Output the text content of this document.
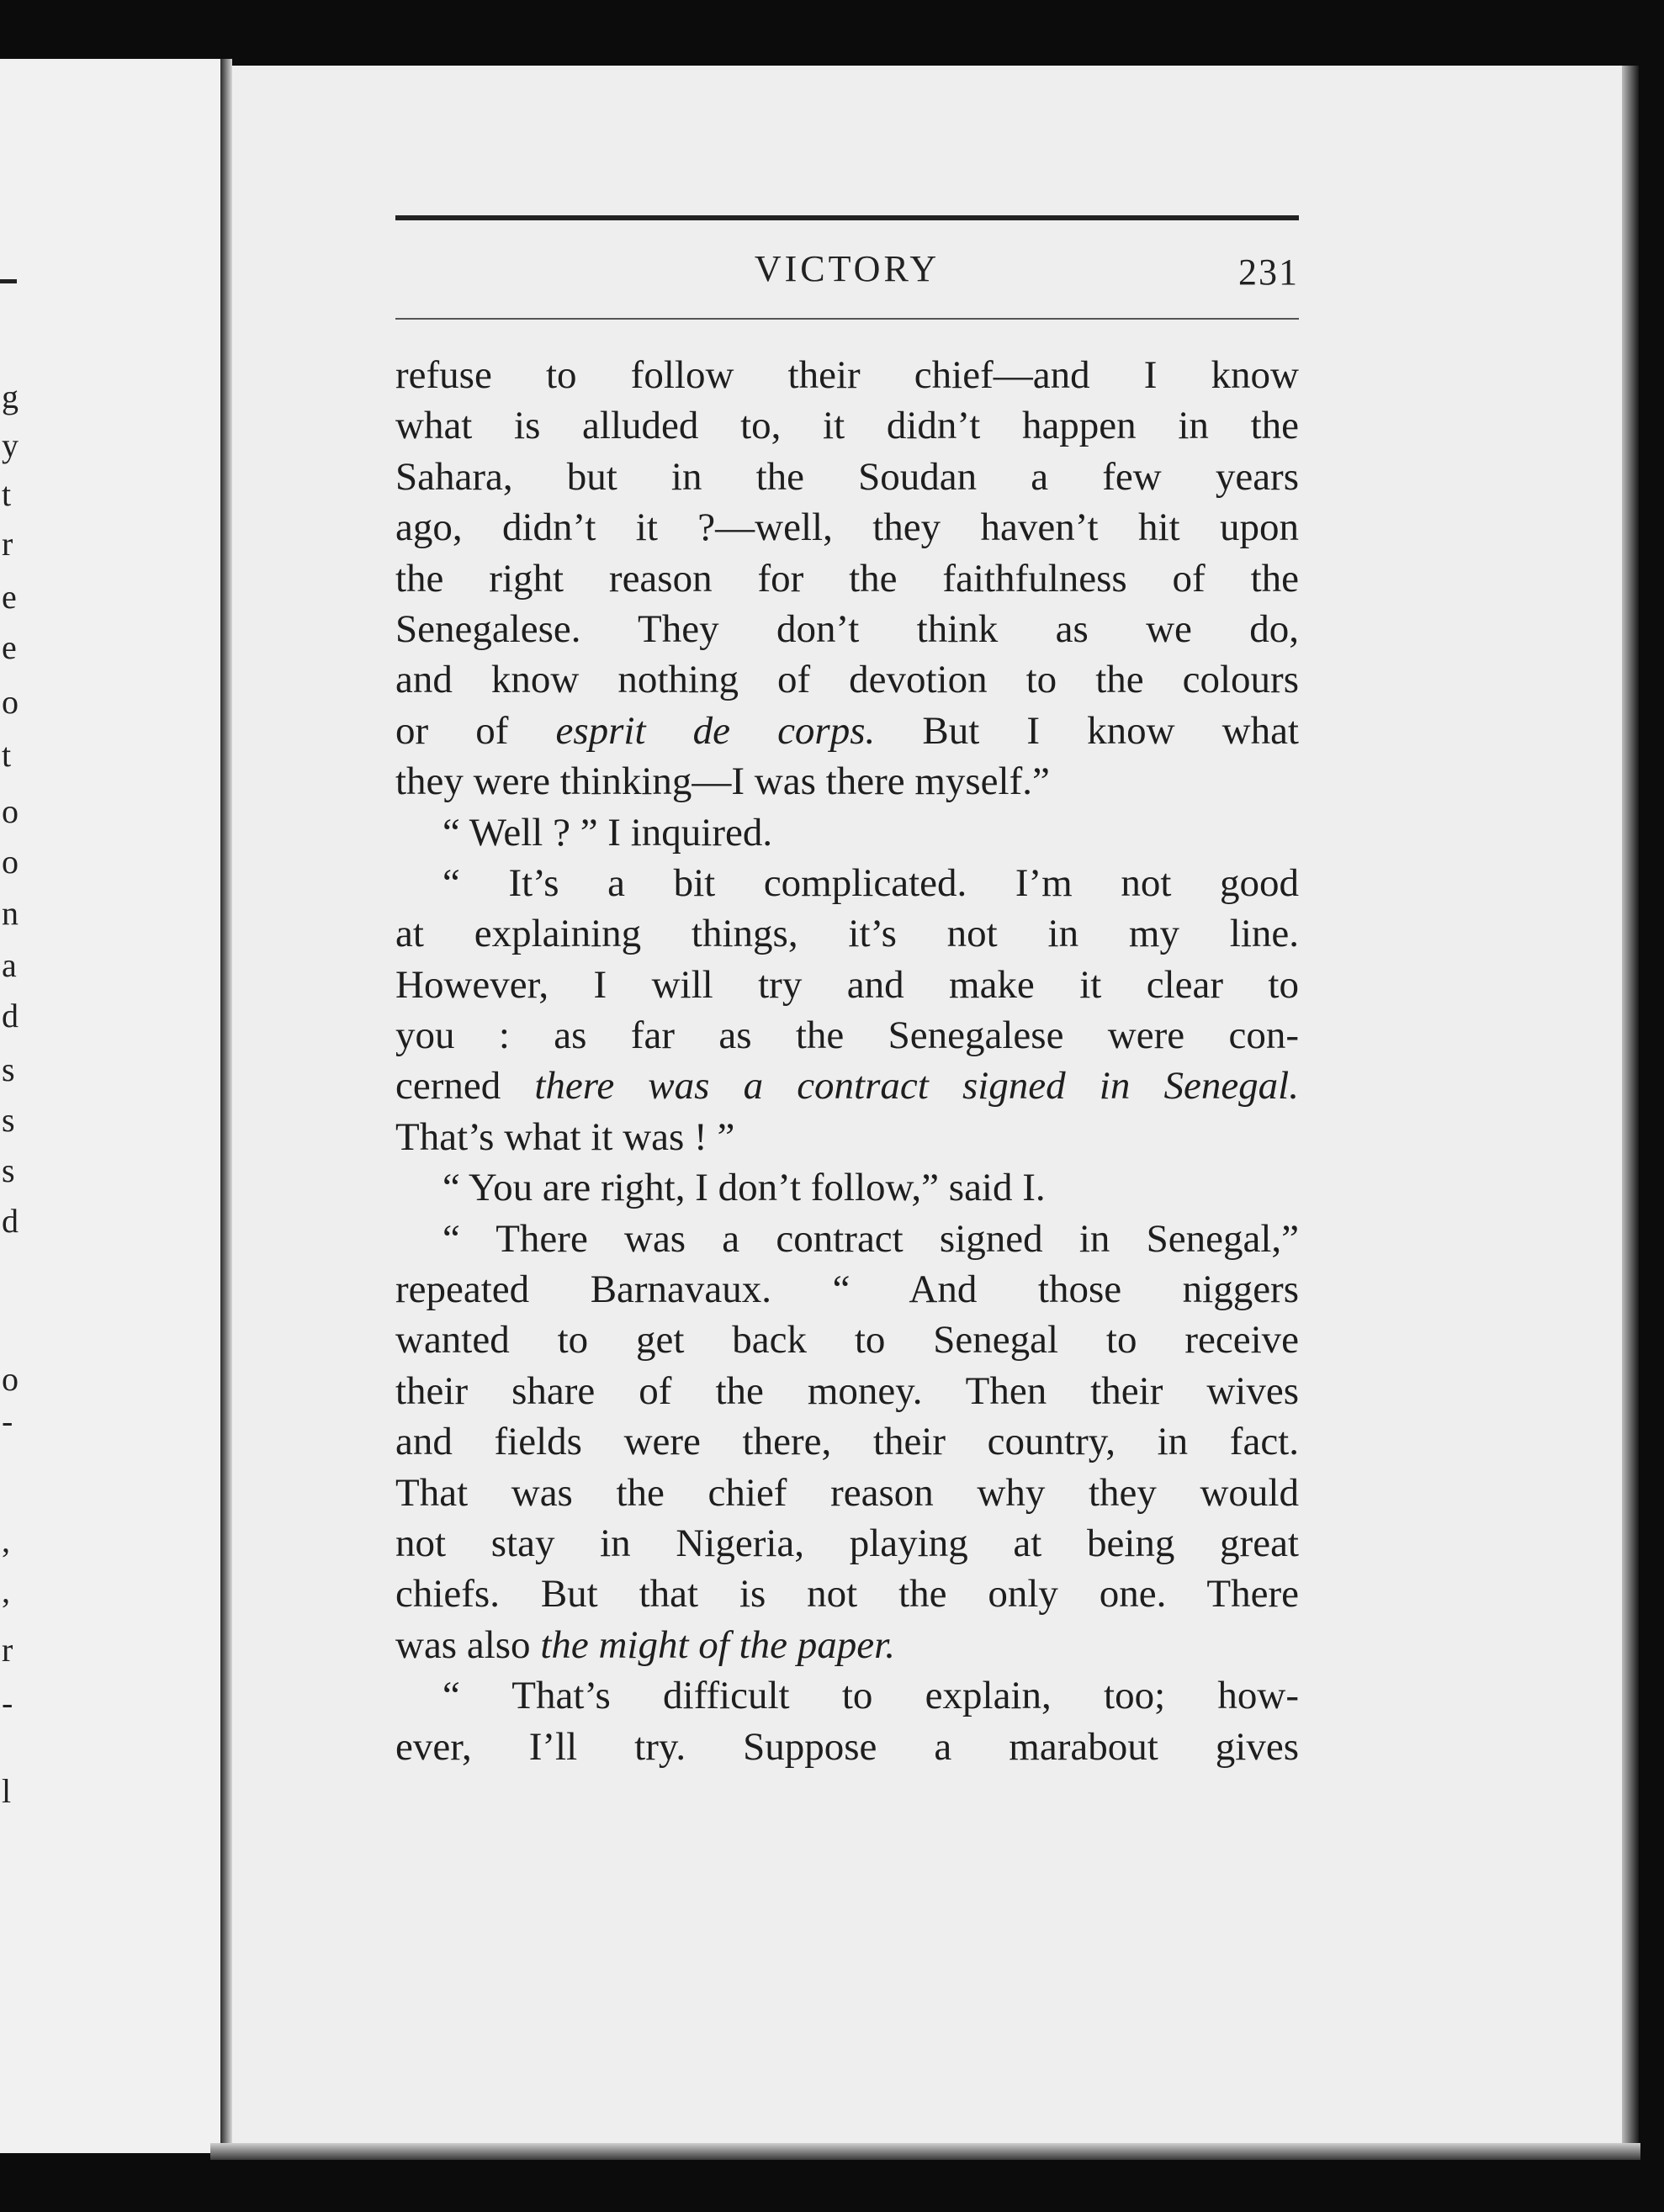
g
y
t
r
e
e
o
t
o
o
n
a
d
s
s
s
d
o
-
,
,
r
-
l
VICTORY	231
refuse to follow their chief—and I know
what is alluded to, it didn’t happen in the
Sahara, but in the Soudan a few years
ago, didn’t it ?—well, they haven’t hit upon
the right reason for the faithfulness of the
Senegalese. They don’t think as we do,
and know nothing of devotion to the colours
or of esprit de corps. But I know what
they were thinking—I was there myself.”
“ Well ? ” I inquired.
“ It’s a bit complicated. I’m not good
at explaining things, it’s not in my line.
However, I will try and make it clear to
you : as far as the Senegalese were con-
cerned there was a contract signed in Senegal.
That’s what it was ! ”
“ You are right, I don’t follow,” said I.
“ There was a contract signed in Senegal,”
repeated Barnavaux. “ And those niggers
wanted to get back to Senegal to receive
their share of the money. Then their wives
and fields were there, their country, in fact.
That was the chief reason why they would
not stay in Nigeria, playing at being great
chiefs. But that is not the only one. There
was also the might of the paper.
“ That’s difficult to explain, too; how-
ever, I’ll try. Suppose a marabout gives
